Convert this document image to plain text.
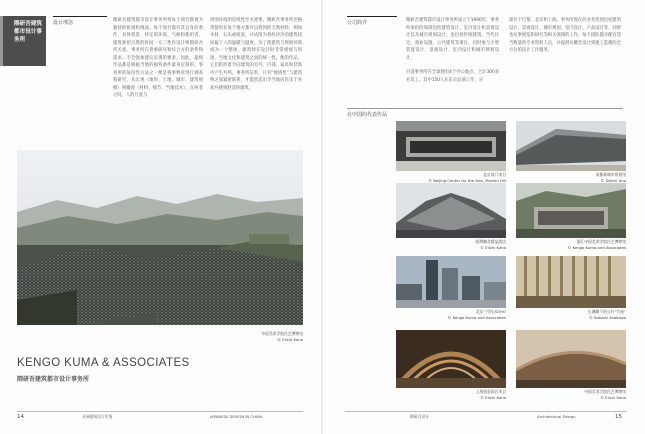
隈研吾建筑都市设计事务所
设计理念	隈研吾建筑都市设计事务所将每个项目都视为独特的机遇和挑战。每个项目都有其自身的条件、具体背景、特定的环境、气候和使用者。建筑师把自然的时间一元二性作设计师隈研吾所关爱。事务所在着重研究和综合方的条件和需求。不会强加建议实现的要求。因此，最终作品都是根据当地的独特条件量身定制的。事务所的每份性方法之一便是将事物对进行调查和研究，从宏观（地形、土地、城市、建筑规模）到微观（材料、细节、当地技术），在两者之间，人的尺度与
周围环境的连续性至关重要。隈研吾事务所还格常使用在每个地方都可以找到的天然材料，例如木材、石头或纸张，并试图为普经冷冷的建筑找回属于人的温暖与温度。为了使建筑与周围环境成为一个整体，建筑师在设计时非常重视与周围、当地文化和建筑之间的统一性。他的作品，它们的形着令向建筑的室外、内部、家具和装饰中产生共鸣。事务所信奉，只有“地域性”与建筑物之间紧密联系，才能创造出令当地居民乐于喜欢并感到舒适的建筑。
中国美术学院民艺博物馆
© Eiichi Kano
KENGO KUMA & ASSOCIATES
隈研吾建筑都市设计事务所
14	亚洲建筑设计年鉴	JAPANESE DESIGN IN CHINA
公司简介	隈研吾建筑都市设计事务所成立于1990年，事务所承担的领域包括建筑设计、室内设计和景观设计以及城市规划设计，也包括传统建筑、当代住宅、商业设施、公共建筑等项目，同时参与小型装置设计、景观设计、室内设计和城市规划设计。
目前事务所在全球拥有4个办公地点，合计300多名员工，其中150人在东京总部工作，分
部位于巴黎、北京和上海。事务所现在的业务范围包括建筑设计、景观设计、城市规划、室内设计、产品设计等，同时也从事展览和研究等相关领域的工作，每个团队都分配有适当数量的专业资料人员，并提供从概念设计到施工监理的全方位的设计工作服务。
在中国的代表作品
北京前门项目
© Beijing Center for the Arts, Moxien Hill
成都新城市规划馆
© Daichi Ano
阳朔糖舍精品酒店
© Eiichi Kano
浙江中国美术学院民艺博物馆
© Kengo Kuma and Associates
北京三里屯SOHO
© Kengo Kuma and Associates
长城脚下的公社“竹屋”
© Satoshi Asakawa
上海创意园区项目
© Eiichi Kano
中国美术学院民艺博物馆
© Eiichi Kano
隈研吾设计	Architectural Design	15
